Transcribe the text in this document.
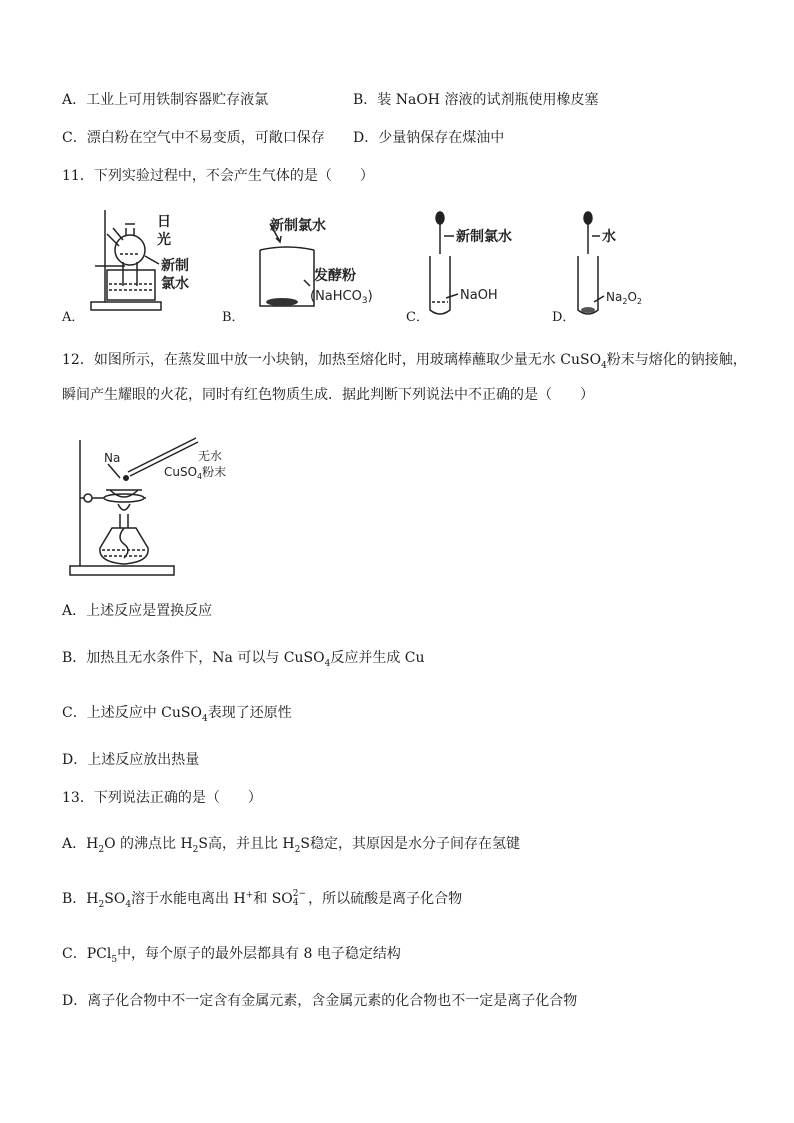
A．工业上可用铁制容器贮存液氯	B．装 NaOH 溶液的试剂瓶使用橡皮塞
C．漂白粉在空气中不易变质，可敞口保存 D．少量钠保存在煤油中
11．下列实验过程中，不会产生气体的是（　　）
日
光
新制
氯水
A．
新制氯水
发酵粉
(NaHCO$_3$)
B．
新制氯水
NaOH
C．
水
$Na_2O_2$
D．
12．如图所示，在蒸发皿中放一小块钠，加热至熔化时，用玻璃棒蘸取少量无水 CuSO$_4$粉末与熔化的钠接触，
瞬间产生耀眼的火花，同时有红色物质生成．据此判断下列说法中不正确的是（　　）
Na	无水
CuSO$_4$粉末
A．上述反应是置换反应
B．加热且无水条件下，Na 可以与 CuSO$_4$反应并生成 Cu
C．上述反应中 CuSO$_4$表现了还原性
D．上述反应放出热量
13．下列说法正确的是（　　）
A．$H_2O$ 的沸点比 $H_2S$高，并且比 $H_2S$稳定，其原因是水分子间存在氢键
B．$H_2SO_4$溶于水能电离出 H+和 SO 2−
4 ，所以硫酸是离子化合物
C．PCl$_5$中，每个原子的最外层都具有 8 电子稳定结构
D．离子化合物中不一定含有金属元素，含金属元素的化合物也不一定是离子化合物
